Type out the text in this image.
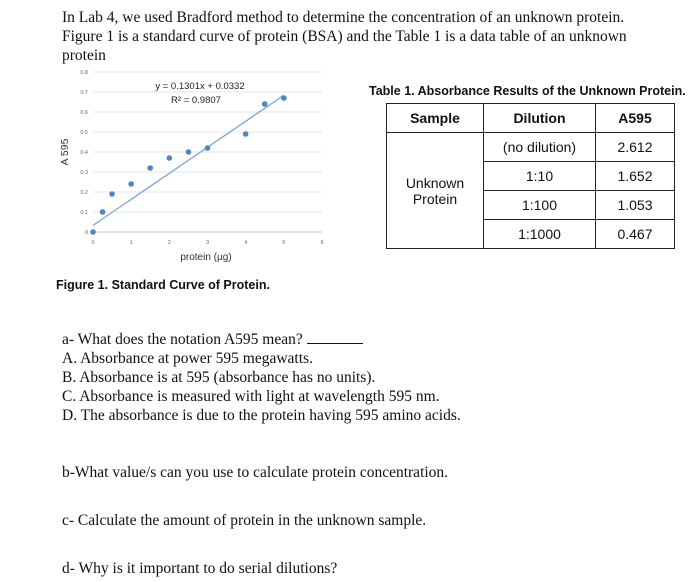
In Lab 4, we used Bradford method to determine the concentration of an unknown protein.
Figure 1 is a standard curve of protein (BSA) and the Table 1 is a data table of an unknown
protein
0
0.1
0.2
0.3
0.4
0.5
0.6
0.7
0.8
0	1	2	3	4	5	6
y = 0.1301x + 0.0332
R² = 0.9807
protein (µg)
A 595
Figure 1. Standard Curve of Protein.
Table 1. Absorbance Results of the Unknown Protein.
Sample	Dilution	A595

Unknown
Protein	(no dilution)	2.612
	1:10	1.652
	1:100	1.053
	1:1000	0.467
a- What does the notation A595 mean?
A. Absorbance at power 595 megawatts.
B. Absorbance is at 595 (absorbance has no units).
C. Absorbance is measured with light at wavelength 595 nm.
D. The absorbance is due to the protein having 595 amino acids.
b-What value/s can you use to calculate protein concentration.
c- Calculate the amount of protein in the unknown sample.
d- Why is it important to do serial dilutions?
